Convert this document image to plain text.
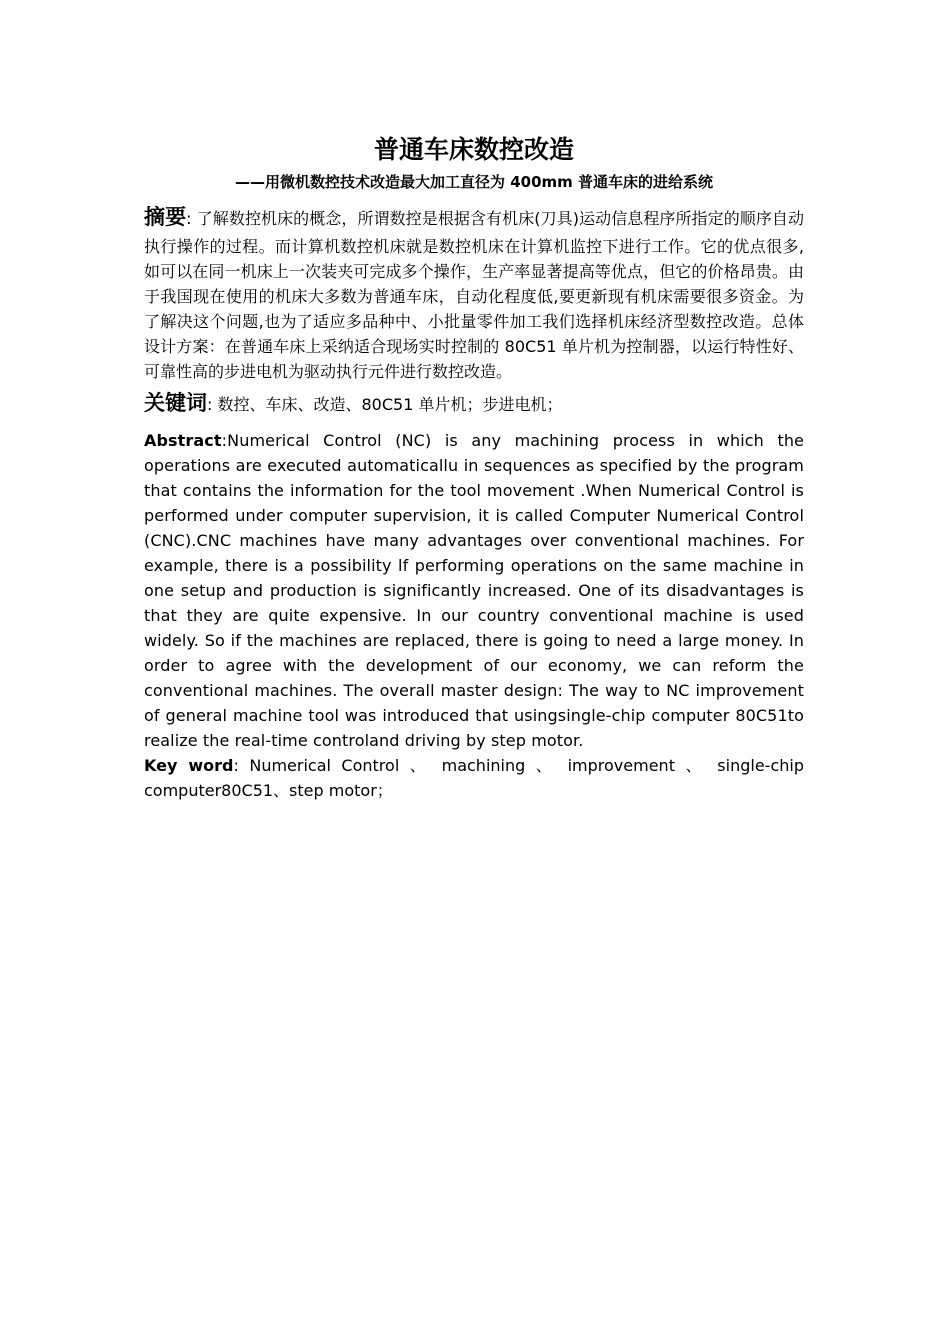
普通车床数控改造

——用微机数控技术改造最大加工直径为 400mm 普通车床的进给系统

摘要: 了解数控机床的概念，所谓数控是根据含有机床(刀具)运动信息程序所指定的顺序自动执行操作的过程。而计算机数控机床就是数控机床在计算机监控下进行工作。它的优点很多,如可以在同一机床上一次装夹可完成多个操作，生产率显著提高等优点，但它的价格昂贵。由于我国现在使用的机床大多数为普通车床，自动化程度低,要更新现有机床需要很多资金。为了解决这个问题,也为了适应多品种中、小批量零件加工我们选择机床经济型数控改造。总体设计方案：在普通车床上采纳适合现场实时控制的 80C51 单片机为控制器，以运行特性好、可靠性高的步进电机为驱动执行元件进行数控改造。

关键词: 数控、车床、改造、80C51 单片机；步进电机；

Abstract:Numerical Control (NC) is any machining process in which the operations are executed automaticallu in sequences as specified by the program that contains the information for the tool movement .When Numerical Control is performed under computer supervision, it is called Computer Numerical Control (CNC).CNC machines have many advantages over conventional machines. For example, there is a possibility lf performing operations on the same machine in one setup and production is significantly increased. One of its disadvantages is that they are quite expensive. In our country conventional machine is used widely. So if the machines are replaced, there is going to need a large money. In order to agree with the development of our economy, we can reform the conventional machines. The overall master design: The way to NC improvement of general machine tool was introduced that usingsingle-chip computer 80C51to realize the real-time controland driving by step motor.

Key word: Numerical Control 、 machining 、 improvement 、 single-chip computer80C51、step motor；
